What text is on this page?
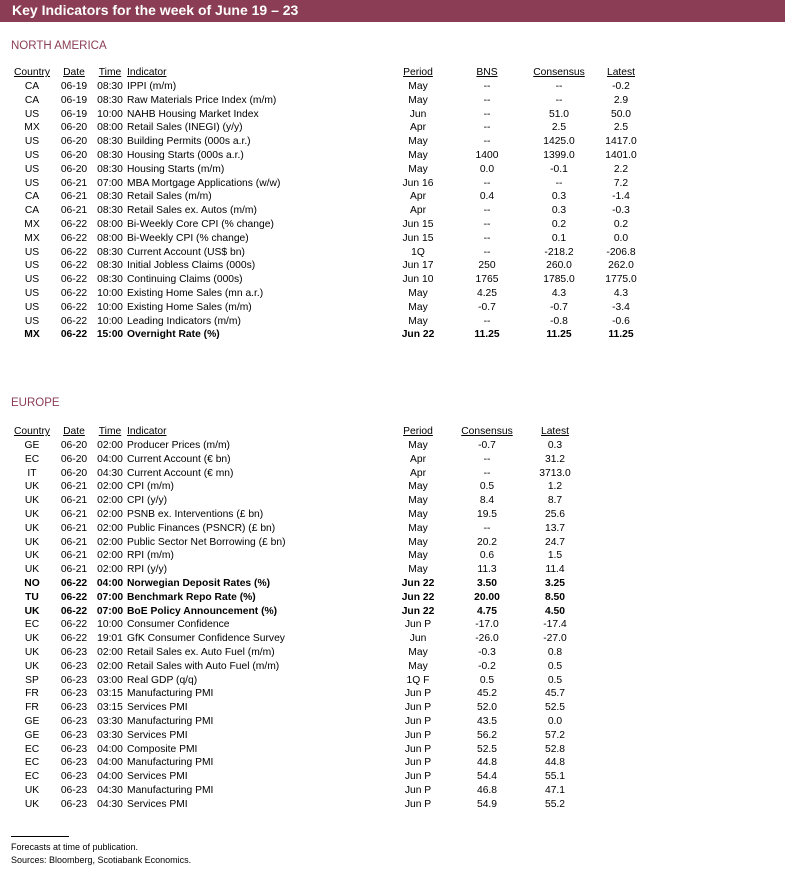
Key Indicators for the week of June 19 – 23
NORTH AMERICA
Country	Date	Time	Indicator	Period	BNS	Consensus	Latest
CA	06-19	08:30	IPPI (m/m)	May	--	--	-0.2
CA	06-19	08:30	Raw Materials Price Index (m/m)	May	--	--	2.9
US	06-19	10:00	NAHB Housing Market Index	Jun	--	51.0	50.0
MX	06-20	08:00	Retail Sales (INEGI) (y/y)	Apr	--	2.5	2.5
US	06-20	08:30	Building Permits (000s a.r.)	May	--	1425.0	1417.0
US	06-20	08:30	Housing Starts (000s a.r.)	May	1400	1399.0	1401.0
US	06-20	08:30	Housing Starts (m/m)	May	0.0	-0.1	2.2
US	06-21	07:00	MBA Mortgage Applications (w/w)	Jun 16	--	--	7.2
CA	06-21	08:30	Retail Sales (m/m)	Apr	0.4	0.3	-1.4
CA	06-21	08:30	Retail Sales ex. Autos (m/m)	Apr	--	0.3	-0.3
MX	06-22	08:00	Bi-Weekly Core CPI (% change)	Jun 15	--	0.2	0.2
MX	06-22	08:00	Bi-Weekly CPI (% change)	Jun 15	--	0.1	0.0
US	06-22	08:30	Current Account (US$ bn)	1Q	--	-218.2	-206.8
US	06-22	08:30	Initial Jobless Claims (000s)	Jun 17	250	260.0	262.0
US	06-22	08:30	Continuing Claims (000s)	Jun 10	1765	1785.0	1775.0
US	06-22	10:00	Existing Home Sales (mn a.r.)	May	4.25	4.3	4.3
US	06-22	10:00	Existing Home Sales (m/m)	May	-0.7	-0.7	-3.4
US	06-22	10:00	Leading Indicators (m/m)	May	--	-0.8	-0.6
MX	06-22	15:00	Overnight Rate (%)	Jun 22	11.25	11.25	11.25
EUROPE
Country	Date	Time	Indicator	Period	Consensus	Latest
GE	06-20	02:00	Producer Prices (m/m)	May	-0.7	0.3
EC	06-20	04:00	Current Account (€ bn)	Apr	--	31.2
IT	06-20	04:30	Current Account (€ mn)	Apr	--	3713.0
UK	06-21	02:00	CPI (m/m)	May	0.5	1.2
UK	06-21	02:00	CPI (y/y)	May	8.4	8.7
UK	06-21	02:00	PSNB ex. Interventions (£ bn)	May	19.5	25.6
UK	06-21	02:00	Public Finances (PSNCR) (£ bn)	May	--	13.7
UK	06-21	02:00	Public Sector Net Borrowing (£ bn)	May	20.2	24.7
UK	06-21	02:00	RPI (m/m)	May	0.6	1.5
UK	06-21	02:00	RPI (y/y)	May	11.3	11.4
NO	06-22	04:00	Norwegian Deposit Rates (%)	Jun 22	3.50	3.25
TU	06-22	07:00	Benchmark Repo Rate (%)	Jun 22	20.00	8.50
UK	06-22	07:00	BoE Policy Announcement (%)	Jun 22	4.75	4.50
EC	06-22	10:00	Consumer Confidence	Jun P	-17.0	-17.4
UK	06-22	19:01	GfK Consumer Confidence Survey	Jun	-26.0	-27.0
UK	06-23	02:00	Retail Sales ex. Auto Fuel (m/m)	May	-0.3	0.8
UK	06-23	02:00	Retail Sales with Auto Fuel (m/m)	May	-0.2	0.5
SP	06-23	03:00	Real GDP (q/q)	1Q F	0.5	0.5
FR	06-23	03:15	Manufacturing PMI	Jun P	45.2	45.7
FR	06-23	03:15	Services PMI	Jun P	52.0	52.5
GE	06-23	03:30	Manufacturing PMI	Jun P	43.5	0.0
GE	06-23	03:30	Services PMI	Jun P	56.2	57.2
EC	06-23	04:00	Composite PMI	Jun P	52.5	52.8
EC	06-23	04:00	Manufacturing PMI	Jun P	44.8	44.8
EC	06-23	04:00	Services PMI	Jun P	54.4	55.1
UK	06-23	04:30	Manufacturing PMI	Jun P	46.8	47.1
UK	06-23	04:30	Services PMI	Jun P	54.9	55.2
Forecasts at time of publication.
Sources: Bloomberg, Scotiabank Economics.
